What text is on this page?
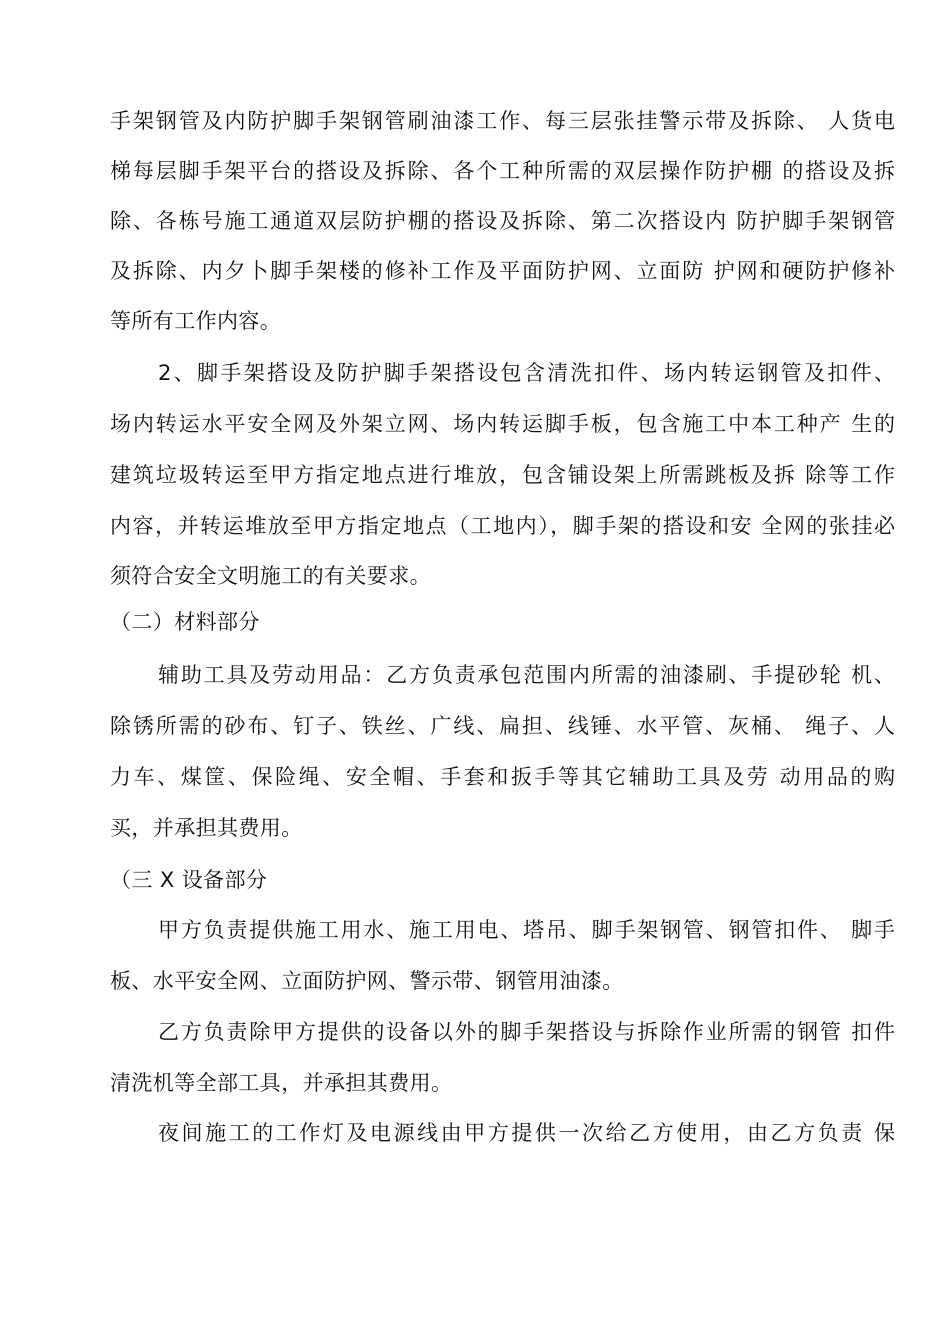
手架钢管及内防护脚手架钢管刷油漆工作、每三层张挂警示带及拆除、 人货电
梯每层脚手架平台的搭设及拆除、各个工种所需的双层操作防护棚 的搭设及拆
除、各栋号施工通道双层防护棚的搭设及拆除、第二次搭设内 防护脚手架钢管
及拆除、内夕卜脚手架楼的修补工作及平面防护网、立面防 护网和硬防护修补
等所有工作内容。
2、脚手架搭设及防护脚手架搭设包含清洗扣件、场内转运钢管及扣件、
场内转运水平安全网及外架立网、场内转运脚手板，包含施工中本工种产 生的
建筑垃圾转运至甲方指定地点进行堆放，包含铺设架上所需跳板及拆 除等工作
内容，并转运堆放至甲方指定地点（工地内），脚手架的搭设和安 全网的张挂必
须符合安全文明施工的有关要求。
（二）材料部分
辅助工具及劳动用品：乙方负责承包范围内所需的油漆刷、手提砂轮 机、
除锈所需的砂布、钉子、铁丝、广线、扁担、线锤、水平管、灰桶、 绳子、人
力车、煤筐、保险绳、安全帽、手套和扳手等其它辅助工具及劳 动用品的购
买，并承担其费用。
（三 X 设备部分
甲方负责提供施工用水、施工用电、塔吊、脚手架钢管、钢管扣件、 脚手
板、水平安全网、立面防护网、警示带、钢管用油漆。
乙方负责除甲方提供的设备以外的脚手架搭设与拆除作业所需的钢管 扣件
清洗机等全部工具，并承担其费用。
夜间施工的工作灯及电源线由甲方提供一次给乙方使用，由乙方负责 保
